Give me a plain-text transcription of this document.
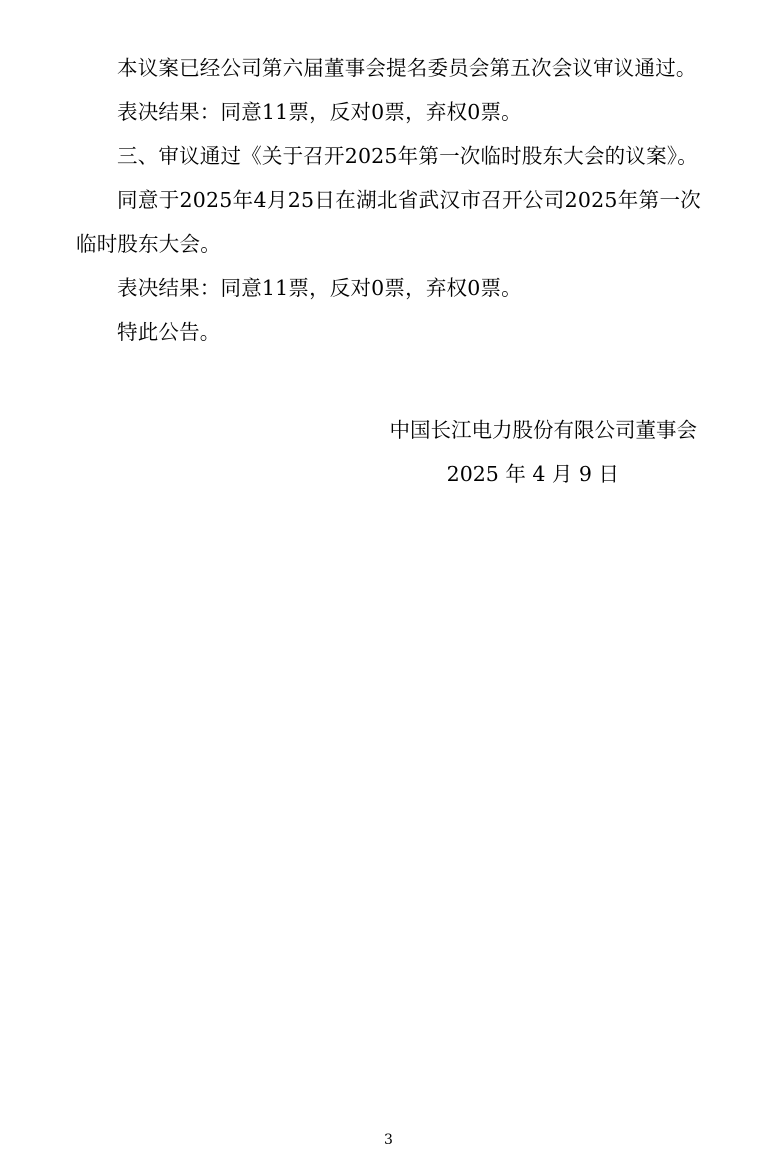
本议案已经公司第六届董事会提名委员会第五次会议审议通过。

表决结果：同意11票，反对0票，弃权0票。

三、审议通过《关于召开2025年第一次临时股东大会的议案》。

同意于2025年4月25日在湖北省武汉市召开公司2025年第一次临时股东大会。

表决结果：同意11票，反对0票，弃权0票。

特此公告。

中国长江电力股份有限公司董事会
2025 年 4 月 9 日
3
